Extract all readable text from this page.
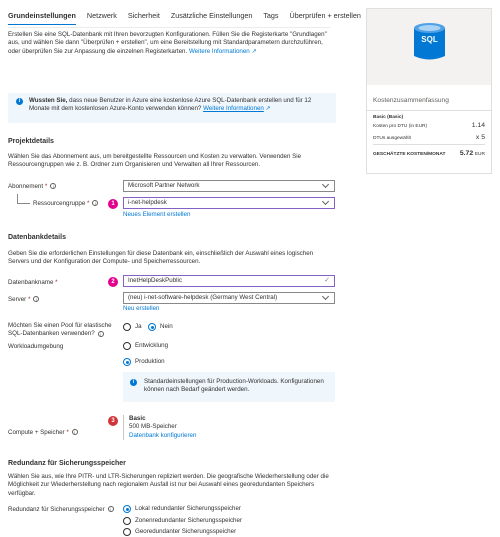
Grundeinstellungen Netzwerk Sicherheit Zusätzliche Einstellungen Tags Überprüfen + erstellen
Erstellen Sie eine SQL-Datenbank mit Ihren bevorzugten Konfigurationen. Füllen Sie die Registerkarte "Grundlagen" aus, und wählen Sie dann "Überprüfen + erstellen", um eine Bereitstellung mit Standardparametern durchzuführen, oder überprüfen Sie zur Anpassung die einzelnen Registerkarten. Weitere Informationen ↗
i	Wussten Sie, dass neue Benutzer in Azure eine kostenlose Azure SQL-Datenbank erstellen und für 12 Monate mit dem kostenlosen Azure-Konto verwenden können? Weitere Informationen ↗
Projektdetails
Wählen Sie das Abonnement aus, um bereitgestellte Ressourcen und Kosten zu verwalten. Verwenden Sie Ressourcengruppen wie z. B. Ordner zum Organisieren und Verwalten all Ihrer Ressourcen.
Abonnement * i	Microsoft Partner Network
Ressourcengruppe * i	1	i-net-helpdesk
Neues Element erstellen
Datenbankdetails
Geben Sie die erforderlichen Einstellungen für diese Datenbank ein, einschließlich der Auswahl eines logischen Servers und der Konfiguration der Compute- und Speicherressourcen.
Datenbankname *	2	InetHelpDeskPublic	✓
Server * i	(neu) i-net-software-helpdesk (Germany West Central)
Neu erstellen
Möchten Sie einen Pool für elastische SQL-Datenbanken verwenden? i
Ja	Nein
Workloadumgebung	Entwicklung
Produktion
i	Standardeinstellungen für Production-Workloads. Konfigurationen können nach Bedarf geändert werden.
Compute + Speicher * i
3	Basic
500 MB-Speicher
Datenbank konfigurieren
Redundanz für Sicherungsspeicher
Wählen Sie aus, wie Ihre PITR- und LTR-Sicherungen repliziert werden. Die geografische Wiederherstellung oder die Möglichkeit zur Wiederherstellung nach regionalem Ausfall ist nur bei Auswahl eines georedundanten Speichers verfügbar.
Redundanz für Sicherungsspeicher i	Lokal redundanter Sicherungsspeicher
Zonenredundanter Sicherungsspeicher
Georedundanter Sicherungsspeicher
SQL
Kostenzusammenfassung
Basic (Basic)
Kosten pro DTU (in EUR)	1.14
DTUs ausgewählt	x 5
GESCHÄTZTE KOSTEN/MONAT 5.72 EUR
